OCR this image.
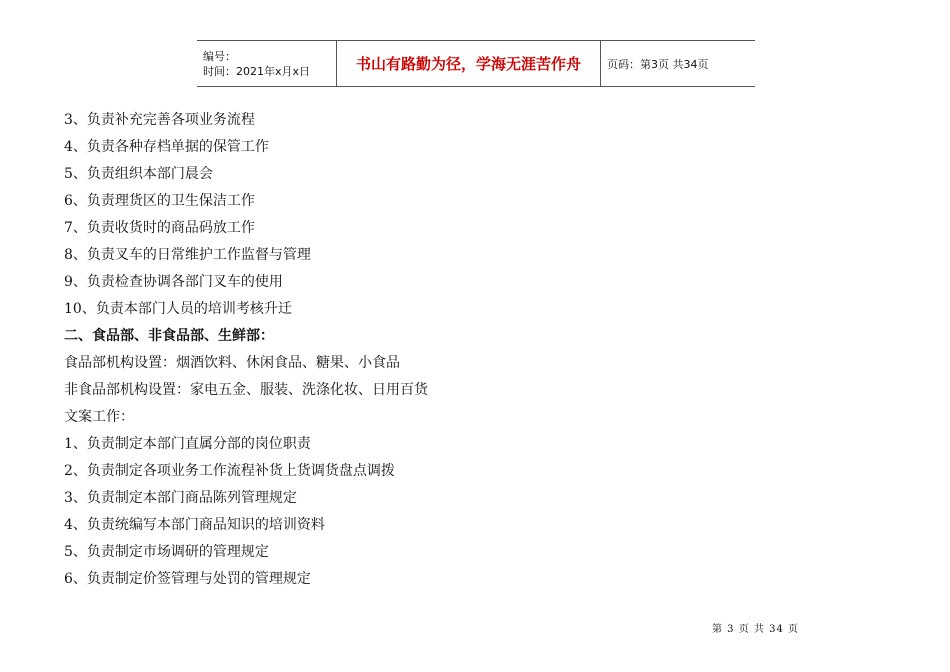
编号：
时间：2021年x月x日	书山有路勤为径，学海无涯苦作舟 页码：第3页 共34页
3、负责补充完善各项业务流程
4、负责各种存档单据的保管工作
5、负责组织本部门晨会
6、负责理货区的卫生保洁工作
7、负责收货时的商品码放工作
8、负责叉车的日常维护工作监督与管理
9、负责检查协调各部门叉车的使用
10、负责本部门人员的培训考核升迁
二、食品部、非食品部、生鲜部：
食品部机构设置：烟酒饮料、休闲食品、糖果、小食品
非食品部机构设置：家电五金、服装、洗涤化妆、日用百货
文案工作：
1、负责制定本部门直属分部的岗位职责
2、负责制定各项业务工作流程补货上货调货盘点调拨
3、负责制定本部门商品陈列管理规定
4、负责统编写本部门商品知识的培训资料
5、负责制定市场调研的管理规定
6、负责制定价签管理与处罚的管理规定
第 3 页 共 34 页
